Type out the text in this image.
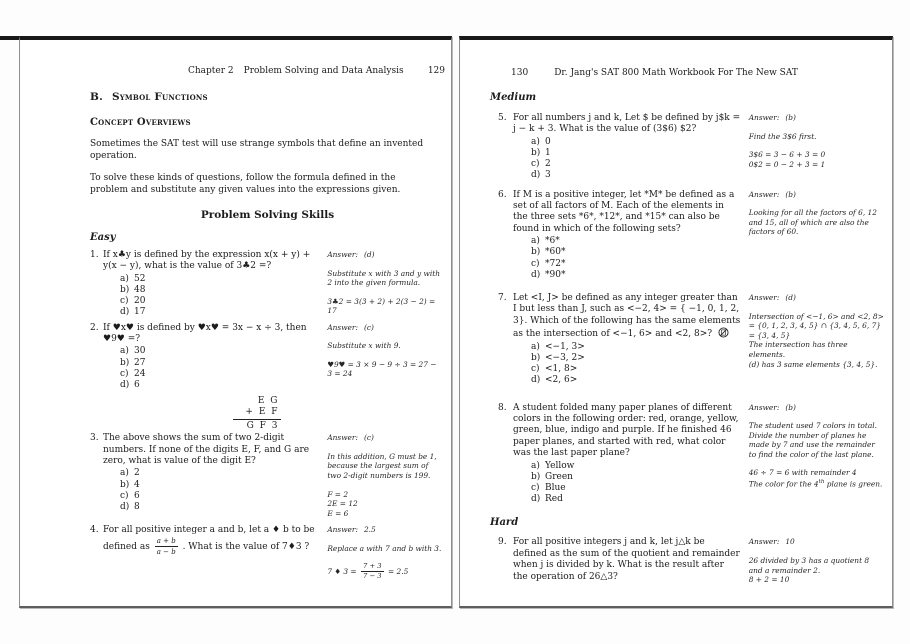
Chapter 2 Problem Solving and Data Analysis	129
B. Symbol Functions
Concept Overviews

Sometimes the SAT test will use strange symbols that define an invented operation.

To solve these kinds of questions, follow the formula defined in the problem and substitute any given values into the expressions given.

Problem Solving Skills
Easy
1. If x♣y is defined by the expression x(x + y) + y(x − y), what is the value of 3♣2 =?
a) 52
b) 48
c) 20
d) 17
Answer: (d)
Substitute x with 3 and y with 2 into the given formula.
3♣2 = 3(3 + 2) + 2(3 − 2) = 17
2. If ♥x♥ is defined by ♥x♥ = 3x − x ÷ 3, then ♥9♥ =?
a) 30
b) 27
c) 24
d) 6
Answer: (c)
Substitute x with 9.
♥9♥ = 3 × 9 − 9 ÷ 3 = 27 − 3 = 24
E G
+ E F
G F 3
3. The above shows the sum of two 2-digit numbers. If none of the digits E, F, and G are zero, what is value of the digit E?
a) 2
b) 4
c) 6
d) 8
Answer: (c)
In this addition, G must be 1, because the largest sum of two 2-digit numbers is 199.
F = 2
2E = 12
E = 6
4. For all positive integer a and b, let a ♦ b to be defined as $\frac{a + b}{a - b}$ . What is the value of 7♦3 ?
Answer: 2.5
Replace a with 7 and b with 3.
7 ♦ $3 = \frac{7 + 3}{7 - 3} = 2.5$
130	Dr. Jang's SAT 800 Math Workbook For The New SAT
Medium
5. For all numbers j and k, Let $ be defined by j$k = j − k + 3. What is the value of (3$6) $2?
a) 0
b) 1
c) 2
d) 3
Answer: (b)
Find the 3$6 first.
3$6 = 3 − 6 + 3 = 0
0$2 = 0 − 2 + 3 = 1
6. If M is a positive integer, let *M* be defined as a set of all factors of M. Each of the elements in the three sets *6*, *12*, and *15* can also be found in which of the following sets?
a) *6*
b) *60*
c) *72*
d) *90*
Answer: (b)
Looking for all the factors of 6, 12 and 15, all of which are also the factors of 60.
7. Let <I, J> be defined as any integer greater than I but less than J, such as <−2, 4> = { −1, 0, 1, 2, 3}. Which of the following has the same elements as the intersection of <−1, 6> and <2, 8>?
a) <−1, 3>
b) <−3, 2>
c) <1, 8>
d) <2, 6>
Answer: (d)
Intersection of <−1, 6> and <2, 8> = {0, 1, 2, 3, 4, 5} ∩ {3, 4, 5, 6, 7} = {3, 4, 5}
The intersection has three elements.
(d) has 3 same elements {3, 4, 5}.
8. A student folded many paper planes of different colors in the following order: red, orange, yellow, green, blue, indigo and purple. If he finished 46 paper planes, and started with red, what color was the last paper plane?
a) Yellow
b) Green
c) Blue
d) Red
Answer: (b)
The student used 7 colors in total. Divide the number of planes he made by 7 and use the remainder to find the color of the last plane.
46 ÷ 7 = 6 with remainder 4
The color for the 4th plane is green.
Hard
9. For all positive integers j and k, let j△k be defined as the sum of the quotient and remainder when j is divided by k. What is the result after the operation of 26△3?
Answer: 10
26 divided by 3 has a quotient 8 and a remainder 2.
8 + 2 = 10
